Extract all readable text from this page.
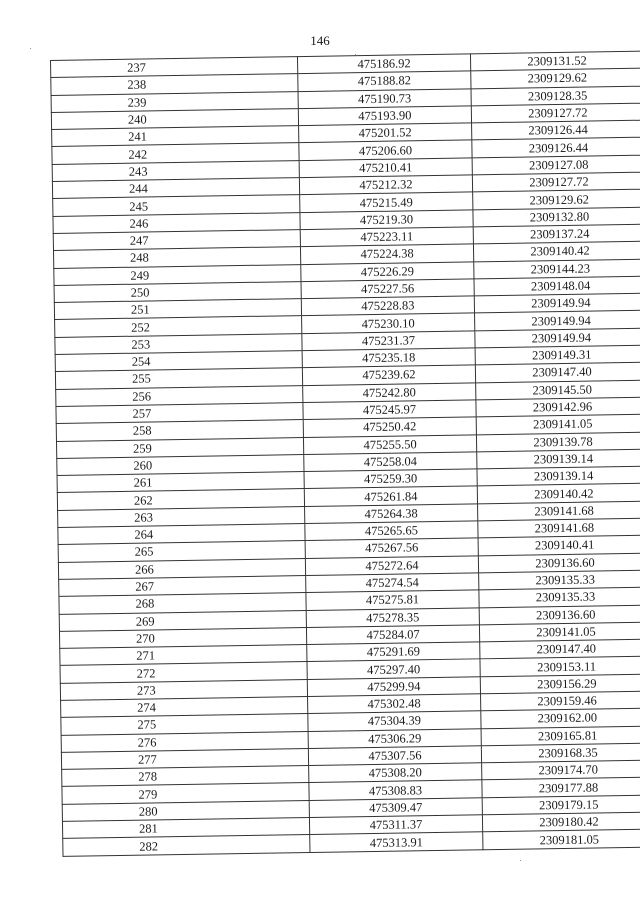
146
237	475186.92	2309131.52
238	475188.82	2309129.62
239	475190.73	2309128.35
240	475193.90	2309127.72
241	475201.52	2309126.44
242	475206.60	2309126.44
243	475210.41	2309127.08
244	475212.32	2309127.72
245	475215.49	2309129.62
246	475219.30	2309132.80
247	475223.11	2309137.24
248	475224.38	2309140.42
249	475226.29	2309144.23
250	475227.56	2309148.04
251	475228.83	2309149.94
252	475230.10	2309149.94
253	475231.37	2309149.94
254	475235.18	2309149.31
255	475239.62	2309147.40
256	475242.80	2309145.50
257	475245.97	2309142.96
258	475250.42	2309141.05
259	475255.50	2309139.78
260	475258.04	2309139.14
261	475259.30	2309139.14
262	475261.84	2309140.42
263	475264.38	2309141.68
264	475265.65	2309141.68
265	475267.56	2309140.41
266	475272.64	2309136.60
267	475274.54	2309135.33
268	475275.81	2309135.33
269	475278.35	2309136.60
270	475284.07	2309141.05
271	475291.69	2309147.40
272	475297.40	2309153.11
273	475299.94	2309156.29
274	475302.48	2309159.46
275	475304.39	2309162.00
276	475306.29	2309165.81
277	475307.56	2309168.35
278	475308.20	2309174.70
279	475308.83	2309177.88
280	475309.47	2309179.15
281	475311.37	2309180.42
282	475313.91	2309181.05
